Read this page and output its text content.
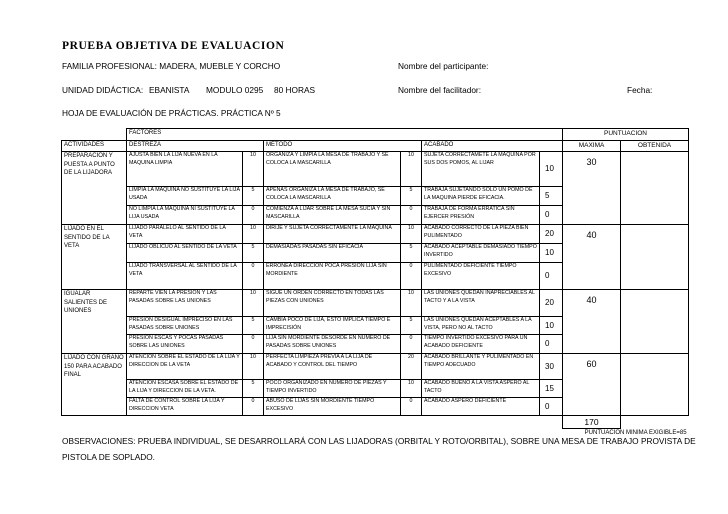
PRUEBA OBJETIVA DE EVALUACION
FAMILIA PROFESIONAL: MADERA, MUEBLE Y CORCHO	Nombre del participante:
UNIDAD DIDÁCTICA: EBANISTA MODULO 0295 80 HORAS	Nombre del facilitador:	Fecha:
HOJA DE EVALUACIÓN DE PRÁCTICAS. PRÁCTICA Nº 5
	FACTORES						PUNTUACION	
ACTIVIDADES	DESTREZA		MÉTODO		ACABADO		MAXIMA	OBTENIDA
PREPARACION Y PUESTA A PUNTO DE LA LIJADORA	AJUSTA BIEN LA LIJA NUEVA EN LA MAQUINA LIMPIA	10	ORGANIZA Y LIMPIA LA MESA DE TRABAJO Y SE COLOCA LA MASCARILLA	10	SUJETA CORRECTAMETE LA MAQUINA POR SUS DOS POMOS, AL LIJAR	10	30	
	LIMPIA LA MAQUINA NO SUSTITUYE LA LIJA USADA	5	APENAS ORGANIZA LA MESA DE TRABAJO, SE COLOCA LA MASCARILLA	5	TRABAJA SUJETANDO SOLO UN POMO DE LA MAQUINA PIERDE EFICACIA.	5		
	NO LIMPIA LA MAQUINA NI SUSTITUYE LA LIJA USADA	0	COMIENZA A LIJAR SOBRE LA MESA SUCIA Y SIN MASCARILLA	0	TRABAJA DE FORMA ERRATICA SIN EJERCER PRESIÓN	0		
LIJADO EN EL SENTIDO DE LA VETA	LIJADO PARALELO AL SENTIDO DE LA VETA	10	DIRIJE Y SUJETA CORRECTAMENTE LA MAQUINA	10	ACABADO CORRECTO DE LA PIEZA BIEN PULIMENTADO	20	40	
	LIJADO OBLICUO AL SENTIDO DE LA VETA	5	DEMASIADAS PASADAS SIN EFICACIA	5	ACABADO ACEPTABLE DEMASIADO TIEMPO INVERTIDO	10		
	LIJADO TRANSVERSAL AL SENTIDO DE LA VETA	0	ERRONEA DIRECCION POCA PRESIÓN LIJA SIN MORDIENTE	0	PULIMENTADO DEFICIENTE TIEMPO EXCESIVO	0		
IGUALAR SALIENTES DE UNIONES	REPARTE VIEN LA PRESIÓN Y LAS PASADAS SOBRE LAS UNIONES	10	SIGUE UN ORDEN CORRECTO EN TODAS LAS PIEZAS CON UNIONES	10	LAS UNIONES QUEDAN INAPRECIABLES AL TACTO Y A LA VISTA	20	40	
	PRESIÓN DESIGUAL IMPRECISO EN LAS PASADAS SOBRE UNIONES	5	CAMBIA POCO DE LIJA, ESTO IMPLICA TIEMPO E IMPRECISIÓN	5	LAS UNIONES QUEDAN ACEPTABLES A LA VISTA, PERO NO AL TACTO	10		
	PRESION ESCAS Y POCAS PASADAS SOBRE LAS UNIONES	0	LIJA SIN MORDIENTE DESORDE EN NUMERO DE PASADAS SOBRE UNIONES	0	TIEMPO INVERTIDO EXCESIVO PARA UN ACABADO DEFICIENTE	0		
LIJADO CON GRANO 150 PARA ACABADO FINAL	ATENCION SOBRE EL ESTADO DE LA LIJA Y DIRECCION DE LA VETA	10	PERFECTA LIMPIEZA PREVIA A LA LIJA DE ACABADO Y CONTROL DEL TIEMPO	20	ACABADO BRILLANTE Y PULIMENTADO EN TIEMPO ADECUADO	30	60	
	ATENCION ESCASA SOBRE EL ESTADO DE LA LIJA Y DIRECCION DE LA VETA.	5	POCO ORGANIZADO EN NUMERO DE PIEZAS Y TIEMPO INVERTIDO	10	ACABADO BUENO A LA VISTA ASPERO AL TACTO	15		
	FALTA DE CONTROL SOBRE LA LIJA Y DIRECCION VETA	0	ABUSO DE LIJAS SIN MORDIENTE TIEMPO EXCESIVO	0	ACABADO ASPERO DEFICIENTE	0		
							170	
							PUNTUACIÓN MINIMA EXIGIBLE=85	
OBSERVACIONES: PRUEBA INDIVIDUAL, SE DESARROLLARÁ CON LAS LIJADORAS (ORBITAL Y ROTO/ORBITAL), SOBRE UNA MESA DE TRABAJO PROVISTA DE
PISTOLA DE SOPLADO.
